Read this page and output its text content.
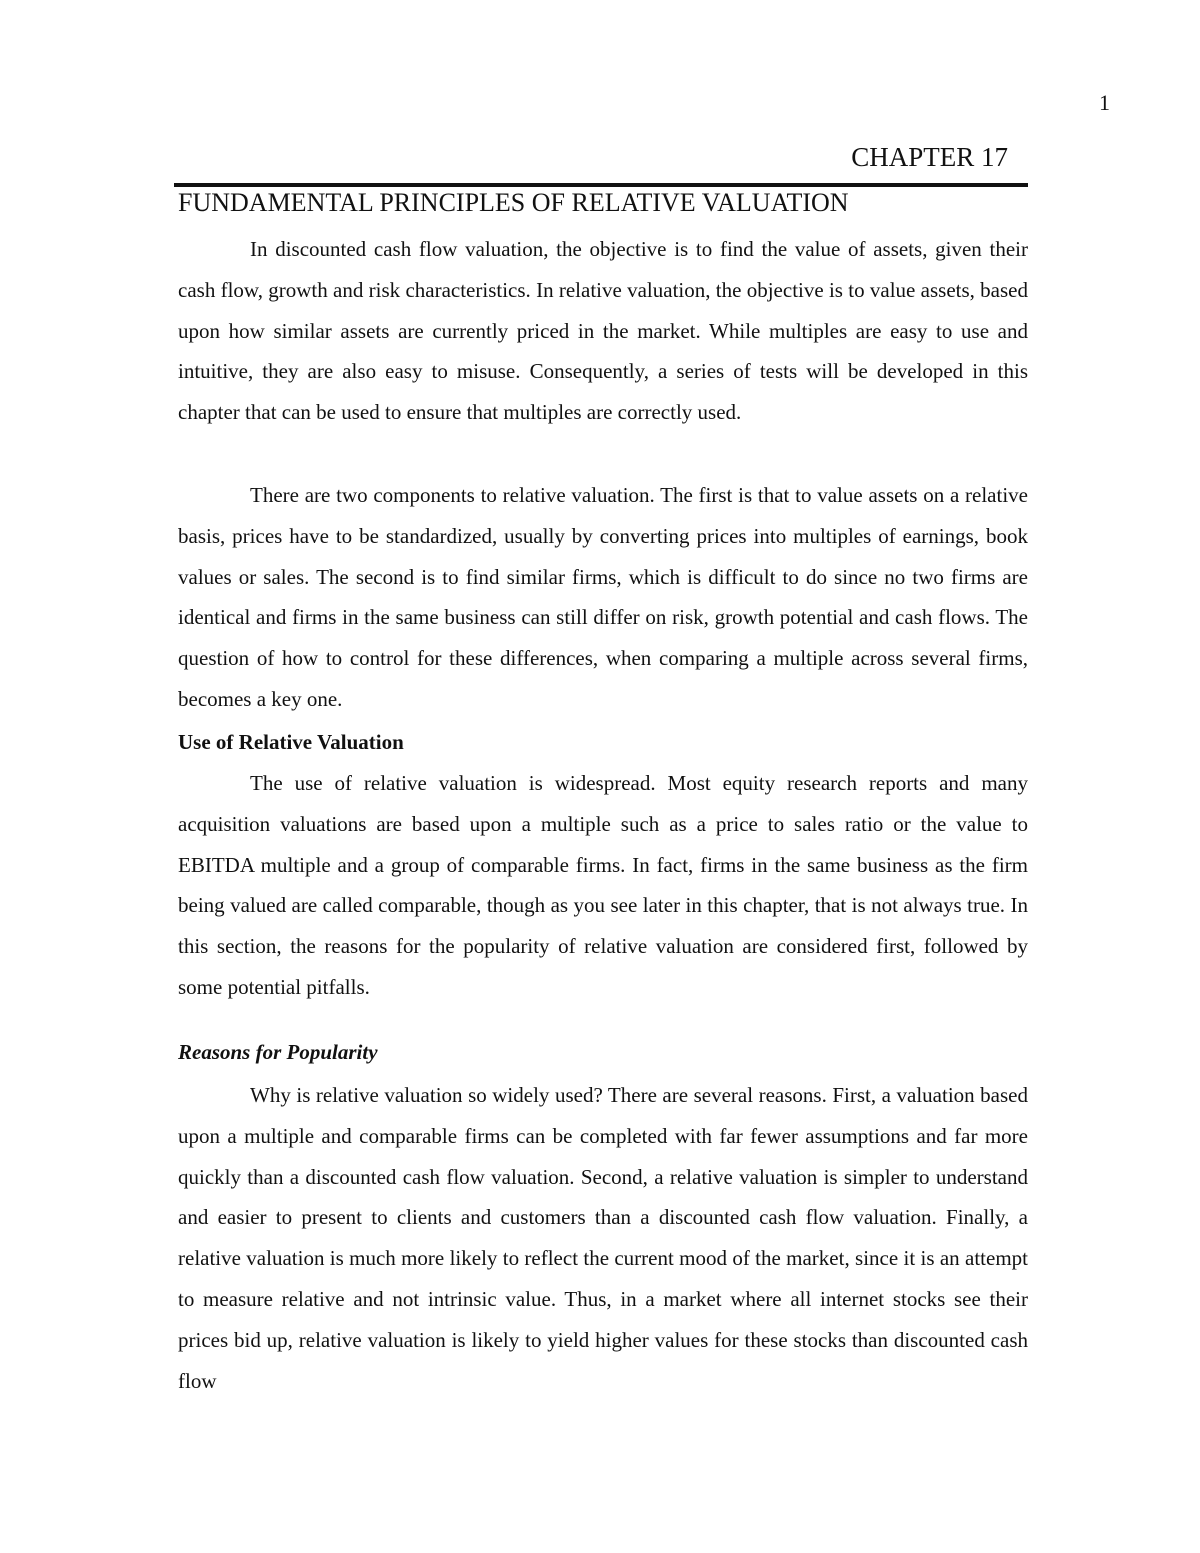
1
CHAPTER 17
FUNDAMENTAL PRINCIPLES OF RELATIVE VALUATION

In discounted cash flow valuation, the objective is to find the value of assets, given their cash flow, growth and risk characteristics. In relative valuation, the objective is to value assets, based upon how similar assets are currently priced in the market. While multiples are easy to use and intuitive, they are also easy to misuse. Consequently, a series of tests will be developed in this chapter that can be used to ensure that multiples are correctly used.

There are two components to relative valuation. The first is that to value assets on a relative basis, prices have to be standardized, usually by converting prices into multiples of earnings, book values or sales. The second is to find similar firms, which is difficult to do since no two firms are identical and firms in the same business can still differ on risk, growth potential and cash flows. The question of how to control for these differences, when comparing a multiple across several firms, becomes a key one.

Use of Relative Valuation

The use of relative valuation is widespread. Most equity research reports and many acquisition valuations are based upon a multiple such as a price to sales ratio or the value to EBITDA multiple and a group of comparable firms. In fact, firms in the same business as the firm being valued are called comparable, though as you see later in this chapter, that is not always true. In this section, the reasons for the popularity of relative valuation are considered first, followed by some potential pitfalls.

Reasons for Popularity

Why is relative valuation so widely used? There are several reasons. First, a valuation based upon a multiple and comparable firms can be completed with far fewer assumptions and far more quickly than a discounted cash flow valuation. Second, a relative valuation is simpler to understand and easier to present to clients and customers than a discounted cash flow valuation. Finally, a relative valuation is much more likely to reflect the current mood of the market, since it is an attempt to measure relative and not intrinsic value. Thus, in a market where all internet stocks see their prices bid up, relative valuation is likely to yield higher values for these stocks than discounted cash flow
